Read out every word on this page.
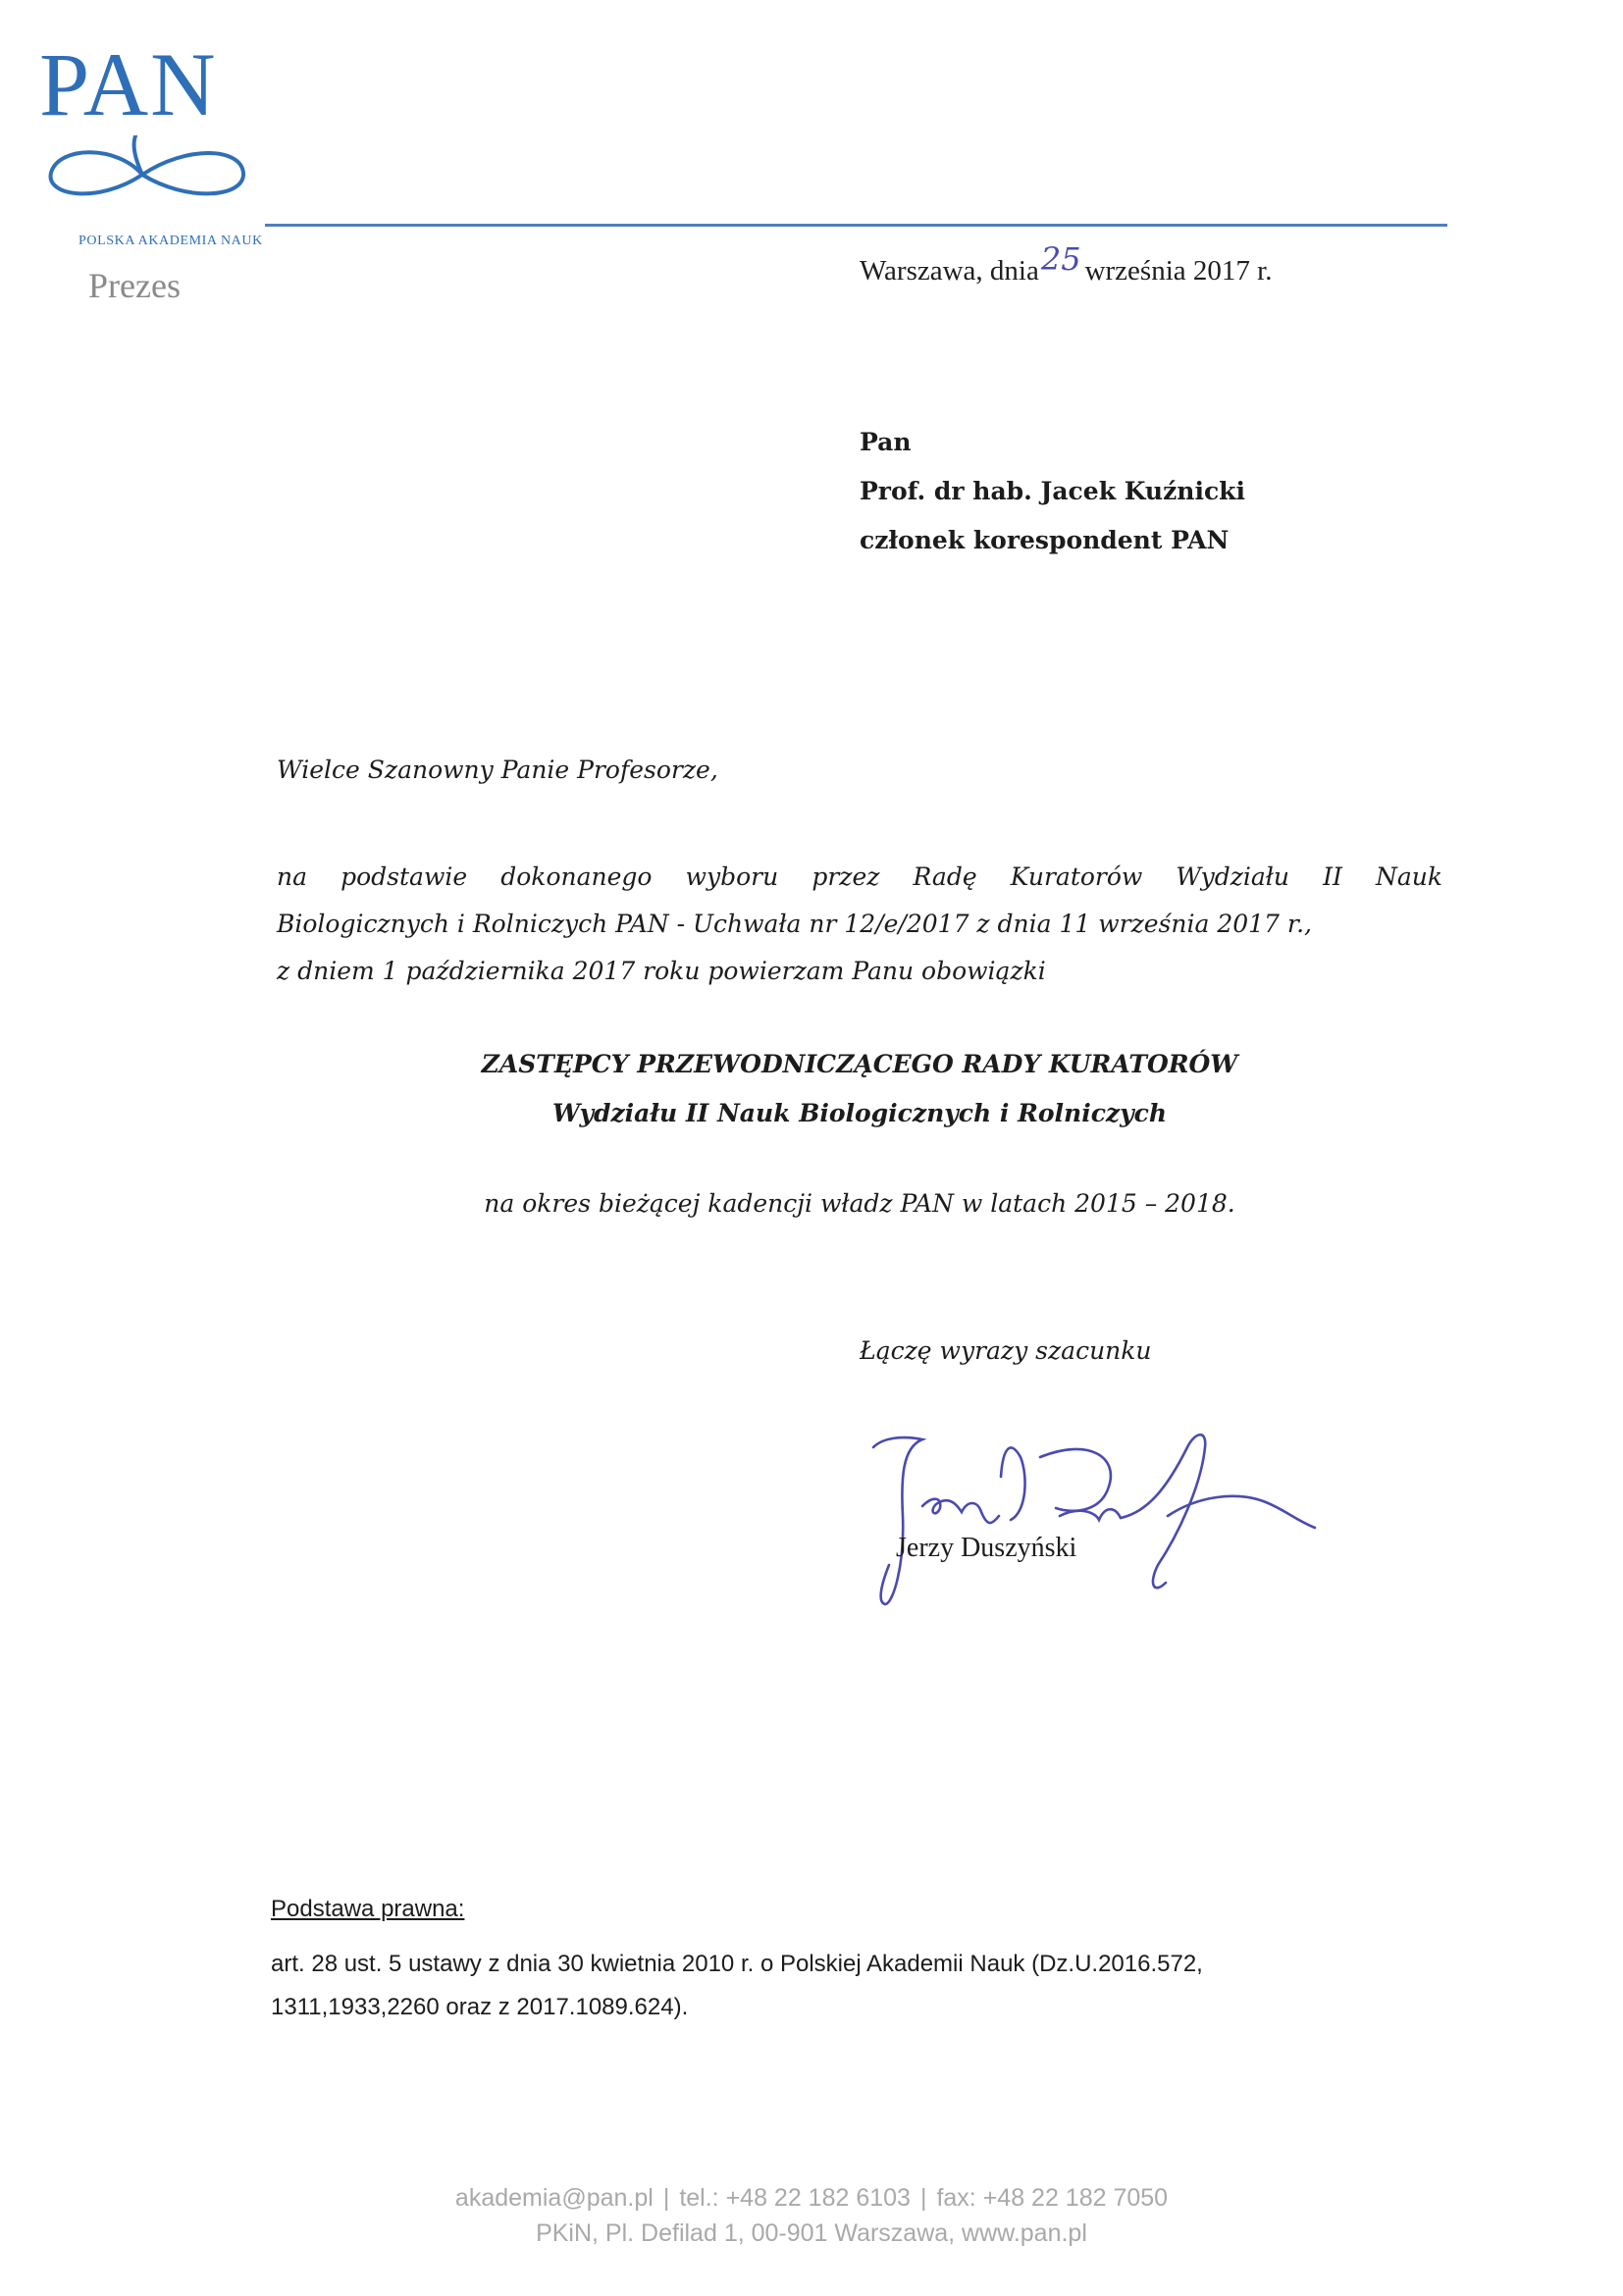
PAN
POLSKA AKADEMIA NAUK
Prezes	Warszawa, dnia25 września 2017 r.
Pan
Prof. dr hab. Jacek Kuźnicki
członek korespondent PAN
Wielce Szanowny Panie Profesorze,
na podstawie dokonanego wyboru przez Radę Kuratorów Wydziału II Nauk
Biologicznych i Rolniczych PAN - Uchwała nr 12/e/2017 z dnia 11 września 2017 r.,
z dniem 1 października 2017 roku powierzam Panu obowiązki
ZASTĘPCY PRZEWODNICZĄCEGO RADY KURATORÓW
Wydziału II Nauk Biologicznych i Rolniczych
na okres bieżącej kadencji władz PAN w latach 2015 – 2018.
Łączę wyrazy szacunku
Jerzy Duszyński
Podstawa prawna:
art. 28 ust. 5 ustawy z dnia 30 kwietnia 2010 r. o Polskiej Akademii Nauk (Dz.U.2016.572,
1311,1933,2260 oraz z 2017.1089.624).
akademia@pan.pl | tel.: +48 22 182 6103 | fax: +48 22 182 7050
PKiN, Pl. Defilad 1, 00-901 Warszawa, www.pan.pl
